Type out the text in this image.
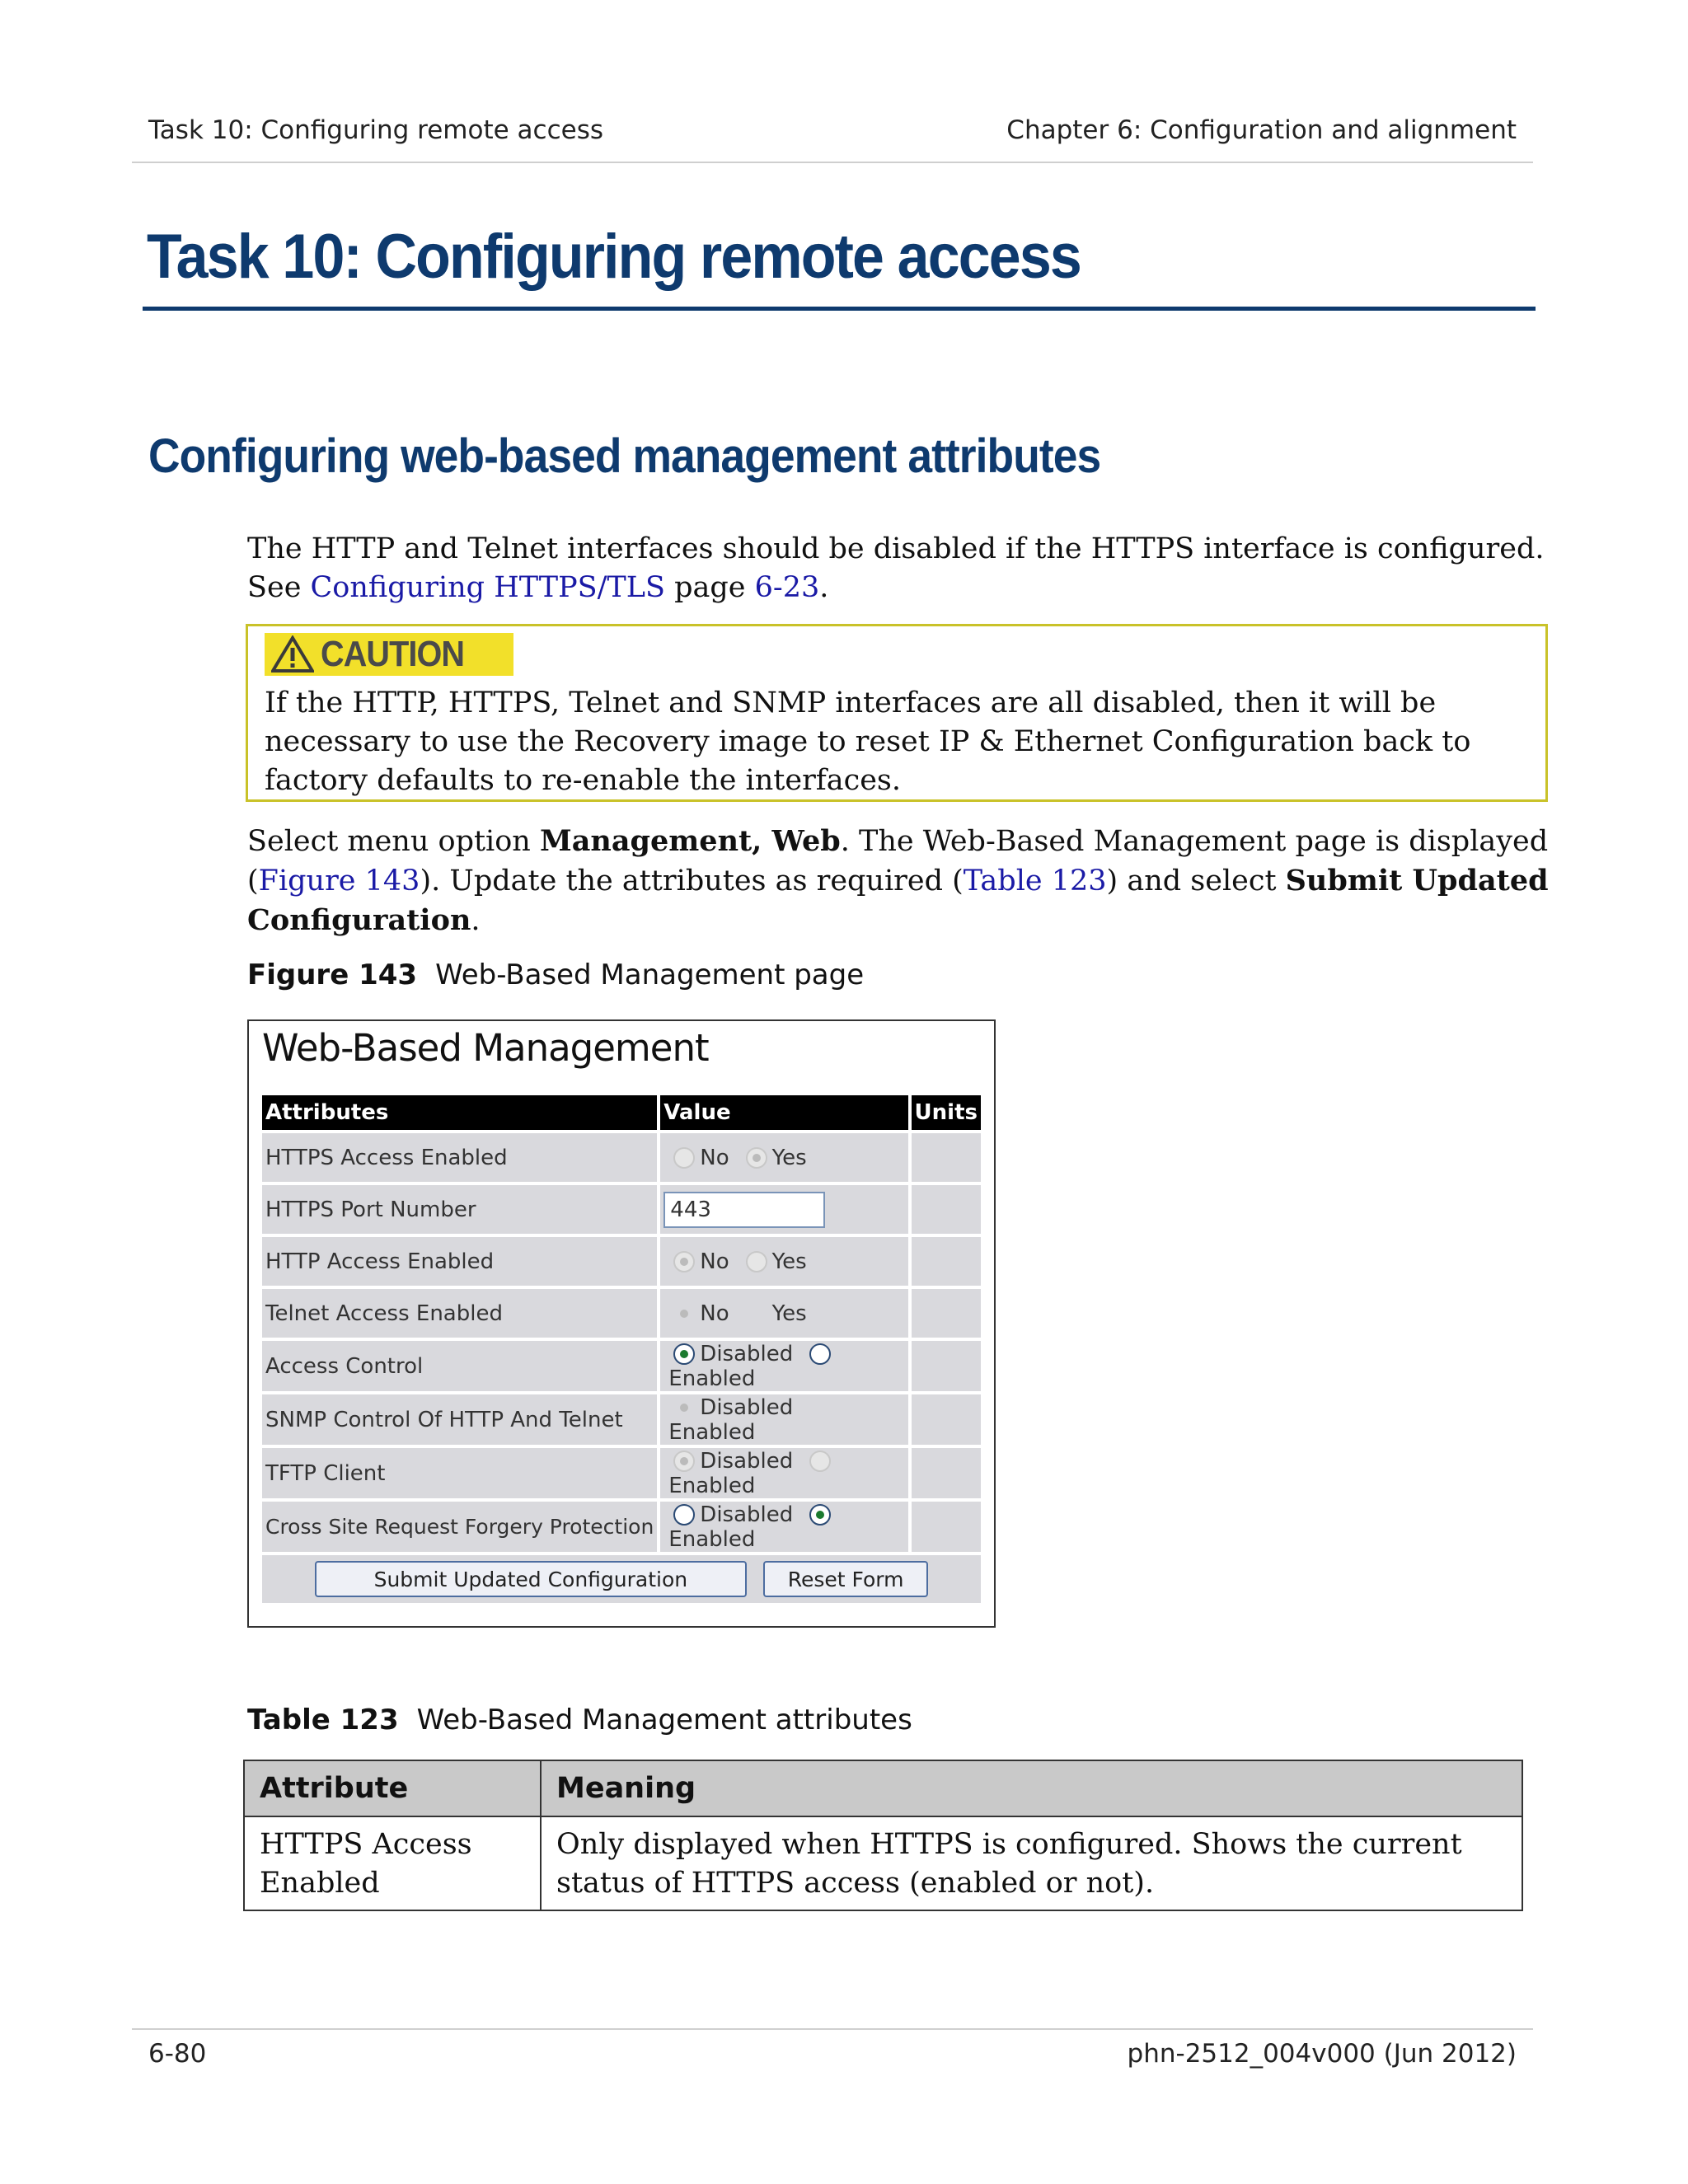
Task 10: Configuring remote access	Chapter 6: Configuration and alignment
Task 10: Configuring remote access
Configuring web-based management attributes

The HTTP and Telnet interfaces should be disabled if the HTTPS interface is configured. See Configuring HTTPS/TLS page 6-23.

CAUTION

If the HTTP, HTTPS, Telnet and SNMP interfaces are all disabled, then it will be necessary to use the Recovery image to reset IP & Ethernet Configuration back to factory defaults to re-enable the interfaces.

Select menu option Management, Web. The Web-Based Management page is displayed (Figure 143). Update the attributes as required (Table 123) and select Submit Updated Configuration.

Figure 143 Web-Based Management page
Web-Based Management
Attributes	Value	Units
HTTPS Access Enabled	No Yes	
HTTPS Port Number	443	
HTTP Access Enabled	No Yes	
Telnet Access Enabled	No Yes	
Access Control	DisabledEnabled	
SNMP Control Of HTTP And Telnet	DisabledEnabled	
TFTP Client	DisabledEnabled	
Cross Site Request Forgery Protection	DisabledEnabled	
Submit Updated Configuration Reset Form		
Table 123 Web-Based Management attributes
Attribute	Meaning
HTTPS Access Enabled	Only displayed when HTTPS is configured. Shows the current status of HTTPS access (enabled or not).
6-80	phn-2512_004v000 (Jun 2012)
